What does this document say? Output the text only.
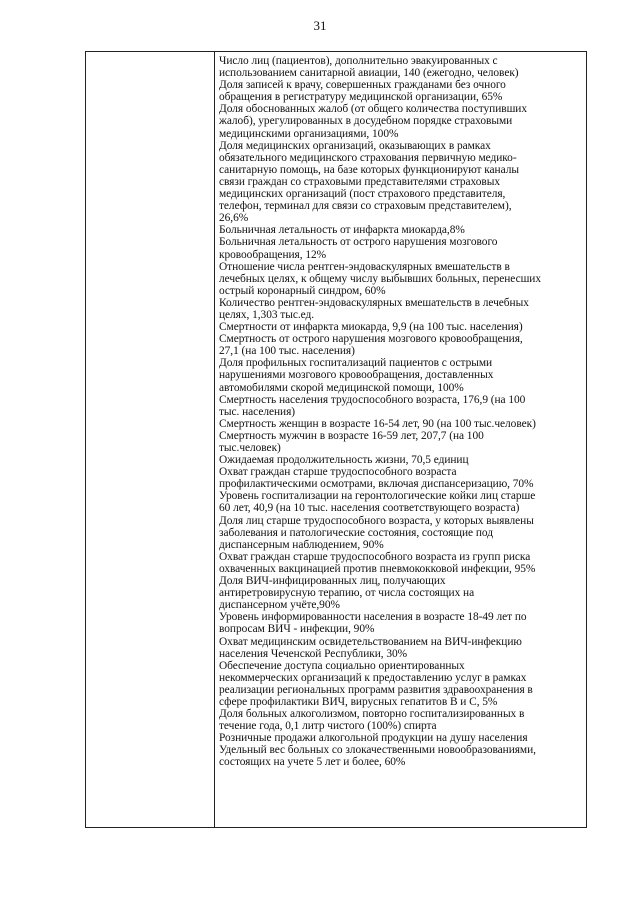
31
Число лиц (пациентов), дополнительно эвакуированных с
использованием санитарной авиации, 140 (ежегодно, человек)
Доля записей к врачу, совершенных гражданами без очного
обращения в регистратуру медицинской организации, 65%
Доля обоснованных жалоб (от общего количества поступивших
жалоб), урегулированных в досудебном порядке страховыми
медицинскими организациями, 100%
Доля медицинских организаций, оказывающих в рамках
обязательного медицинского страхования первичную медико-
санитарную помощь, на базе которых функционируют каналы
связи граждан со страховыми представителями страховых
медицинских организаций (пост страхового представителя,
телефон, терминал для связи со страховым представителем),
26,6%
Больничная летальность от инфаркта миокарда,8%
Больничная летальность от острого нарушения мозгового
кровообращения, 12%
Отношение числа рентген-эндоваскулярных вмешательств в
лечебных целях, к общему числу выбывших больных, перенесших
острый коронарный синдром, 60%
Количество рентген-эндоваскулярных вмешательств в лечебных
целях, 1,303 тыс.ед.
Смертности от инфаркта миокарда, 9,9 (на 100 тыс. населения)
Смертность от острого нарушения мозгового кровообращения,
27,1 (на 100 тыс. населения)
Доля профильных госпитализаций пациентов с острыми
нарушениями мозгового кровообращения, доставленных
автомобилями скорой медицинской помощи, 100%
Смертность населения трудоспособного возраста, 176,9 (на 100
тыс. населения)
Смертность женщин в возрасте 16-54 лет, 90 (на 100 тыс.человек)
Смертность мужчин в возрасте 16-59 лет, 207,7 (на 100
тыс.человек)
Ожидаемая продолжительность жизни, 70,5 единиц
Охват граждан старше трудоспособного возраста
профилактическими осмотрами, включая диспансеризацию, 70%
Уровень госпитализации на геронтологические койки лиц старше
60 лет, 40,9 (на 10 тыс. населения соответствующего возраста)
Доля лиц старше трудоспособного возраста, у которых выявлены
заболевания и патологические состояния, состоящие под
диспансерным наблюдением, 90%
Охват граждан старше трудоспособного возраста из групп риска
охваченных вакцинацией против пневмококковой инфекции, 95%
Доля ВИЧ-инфицированных лиц, получающих
антиретровирусную терапию, от числа состоящих на
диспансерном учёте,90%
Уровень информированности населения в возрасте 18-49 лет по
вопросам ВИЧ - инфекции, 90%
Охват медицинским освидетельствованием на ВИЧ-инфекцию
населения Чеченской Республики, 30%
Обеспечение доступа социально ориентированных
некоммерческих организаций к предоставлению услуг в рамках
реализации региональных программ развития здравоохранения в
сфере профилактики ВИЧ, вирусных гепатитов В и С, 5%
Доля больных алкоголизмом, повторно госпитализированных в
течение года, 0,1 литр чистого (100%) спирта
Розничные продажи алкогольной продукции на душу населения
Удельный вес больных со злокачественными новообразованиями,
состоящих на учете 5 лет и более, 60%
